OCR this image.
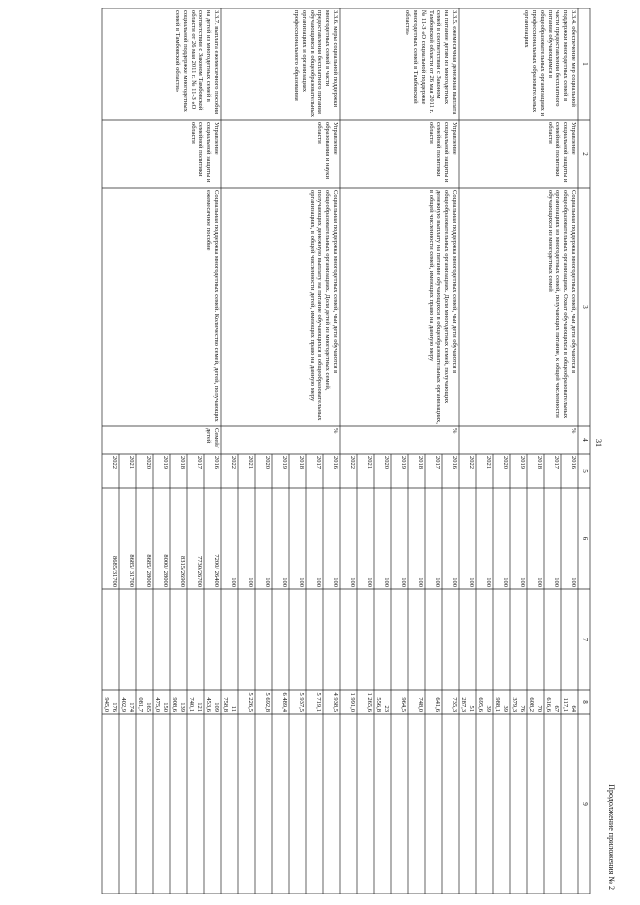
31
Продолжение приложения № 2
1
2
3
4
5
6
7
8
9
3.3.4. обеспечение мер социальной поддержки многодетных семей в части предоставления бесплатного питания обучающимся в общеобразовательных организациях и профессиональных образовательных организациях
Управление социальной защиты и семейной политики области
Социальная поддержка многодетных семей, чьи дети обучаются в общеобразовательных организациях. Охват обучающихся в общеобразовательных организациях из многодетных семей, получающих питание, к общей численности обучающихся из многодетных семей
%
2016
100
64 117,1
2017
100
67 616,6
2018
100
70 608,2
2019
100
76 379,3
2020
100
39 988,1
2021
100
39 695,6
2022
100
51 287,3
3.3.5. ежемесячная денежная выплата на питание детям из многодетных семей в соответствии с Законом Тамбовской области от 26 мая 2011 г. № 11-З «О социальной поддержке многодетных семей в Тамбовской области»
Управление социальной защиты и семейной политики области
Социальная поддержка многодетных семей, чьи дети обучаются в общеобразовательных организациях. Доля многодетных семей, получающих денежную выплату на питание обучающихся в общеобразовательных организациях, в общей численности семей, имеющих право на данную меру
%
2016
100
735,3
2017
100
641,6
2018
100
748,0
2019
100
964,5
2020
100
23 556,8
2021
100
1 265,6
2022
100
1 991,0
3.3.6. меры социальной поддержки многодетных семей в части предоставления бесплатного питания обучающимся в общеобразовательных организациях и организациях профессионального образования
Управление образования и науки области
Социальная поддержка многодетных семей, чьи дети обучаются в общеобразовательных организациях. Доля детей из многодетных семей, получающих денежную выплату на питание обучающихся в общеобразовательных организациях, в общей численности детей, имеющих право на данную меру
%
2016
100
4 938,5
2017
100
5 719,1
2018
100
5 937,5
2019
100
6 489,4
2020
100
5 692,8
2021
100
5 226,5
2022
100
11 758,8
3.3.7. выплата ежемесячного пособия на детей из многодетных семей в соответствии с Законом Тамбовской области от 26 мая 2011 г. № 11-З «О социальной поддержке многодетных семей в Тамбовской области»
Управление социальной защиты и семейной политики области
Социальная поддержка многодетных семей. Количество семей, детей, получающих ежемесячное пособие
Семей/детей
2016
7200/ 26400
109 453,6
2017
7730/26700
121 740,1
2018
8315/26900
139 908,6
2019
8000/ 28000
150 475,0
2020
8685/ 28000
165 081,7
2021
8685/ 31700
174 402,9
2022
8685/31700
176 945,0
